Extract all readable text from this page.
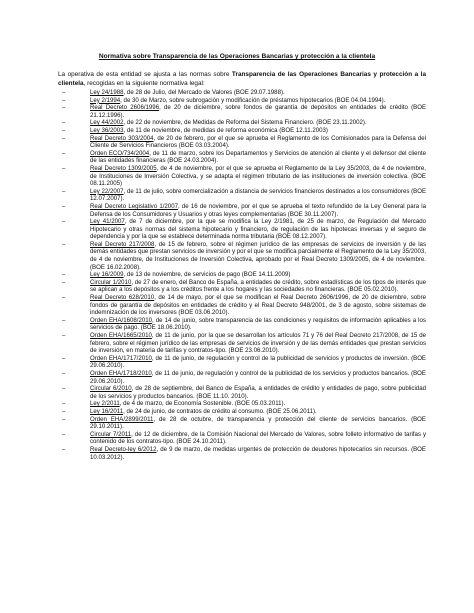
Normativa sobre Transparencia de las Operaciones Bancarias y protección a la clientela
La operativa de esta entidad se ajusta a las normas sobre Transparencia de las Operaciones Bancarias y protección a la clientela, recogidas en la siguiente normativa legal:
–	Ley 24/1988, de 28 de Julio, del Mercado de Valores (BOE 29.07.1988).
–	Ley 2/1994, de 30 de Marzo, sobre subrogación y modificación de préstamos hipotecarios (BOE 04.04.1994).
–	Real Decreto 2606/1996, de 20 de diciembre, sobre fondos de garantía de depósitos en entidades de crédito (BOE 21.12.1996).
–	Ley 44/2002, de 22 de noviembre, de Medidas de Reforma del Sistema Financiero. (BOE 23.11.2002).
–	Ley 36/2003, de 11 de noviembre, de medidas de reforma económica (BOE 12.11.2003)
–	Real Decreto 303/2004, de 20 de febrero, por el que se aprueba el Reglamento de los Comisionados para la Defensa del Cliente de Servicios Financieros (BOE 03.03.2004).
–	Orden ECO/734/2004, de 11 de marzo, sobre los Departamentos y Servicios de atención al cliente y el defensor del cliente de las entidades financieras (BOE 24.03.2004).
–	Real Decreto 1309/2005, de 4 de noviembre, por el que se aprueba el Reglamento de la Ley 35/2003, de 4 de noviembre, de Instituciones de Inversión Colectiva, y se adapta el régimen tributario de las instituciones de inversión colectiva. (BOE 08.11.2005)
–	Ley 22/2007, de 11 de julio, sobre comercialización a distancia de servicios financieros destinados a los consumidores (BOE 12.07.2007).
–	Real Decreto Legislativo 1/2007, de 16 de noviembre, por el que se aprueba el texto refundido de la Ley General para la Defensa de los Consumidores y Usuarios y otras leyes complementarias (BOE 30.11.2007).
–	Ley 41/2007, de 7 de diciembre, por la que se modifica la Ley 2/1981, de 25 de marzo, de Regulación del Mercado Hipotecario y otras normas del sistema hipotecario y financiero, de regulación de las hipotecas inversas y el seguro de dependencia y por la que se establece determinada norma tributaria (BOE 08.12.2007).
–	Real Decreto 217/2008, de 15 de febrero, sobre el régimen jurídico de las empresas de servicios de inversión y de las demás entidades que prestan servicios de inversión y por el que se modifica parcialmente el Reglamento de la Ley 35/2003, de 4 de noviembre, de Instituciones de Inversión Colectiva, aprobado por el Real Decreto 1309/2005, de 4 de noviembre. (BOE 16.02.2008).
–	Ley 16/2009, de 13 de noviembre, de servicios de pago (BOE 14.11.2009)
–	Circular 1/2010, de 27 de enero, del Banco de España, a entidades de crédito, sobre estadísticas de los tipos de interés que se aplican a los depósitos y a los créditos frente a los hogares y las sociedades no financieras. (BOE 05.02.2010).
–	Real Decreto 628/2010, de 14 de mayo, por el que se modifican el Real Decreto 2606/1996, de 20 de diciembre, sobre fondos de garantía de depósitos en entidades de crédito y el Real Decreto 948/2001, de 3 de agosto, sobre sistemas de indemnización de los inversores (BOE 03.06.2010).
–	Orden EHA/1608/2010, de 14 de junio, sobre transparencia de las condiciones y requisitos de información aplicables a los servicios de pago. (BOE 18.06.2010).
–	Orden EHA/1665/2010, de 11 de junio, por la que se desarrollan los artículos 71 y 76 del Real Decreto 217/2008, de 15 de febrero, sobre el régimen jurídico de las empresas de servicios de inversión y de las demás entidades que prestan servicios de inversión, en materia de tarifas y contratos-tipo. (BOE 23.06.2010).
–	Orden EHA/1717/2010, de 11 de junio, de regulación y control de la publicidad de servicios y productos de inversión. (BOE 29.06.2010).
–	Orden EHA/1718/2010, de 11 de junio, de regulación y control de la publicidad de los servicios y productos bancarios. (BOE 29.06.2010).
–	Circular 6/2010, de 28 de septiembre, del Banco de España, a entidades de crédito y entidades de pago, sobre publicidad de los servicios y productos bancarios. (BOE 11.10. 2010).
–	Ley 2/2011, de 4 de marzo, de Economía Sostenible. (BOE 05.03.2011).
–	Ley 16/2011, de 24 de junio, de contratos de crédito al consumo. (BOE 25.06.2011).
–	Orden EHA/2899/2011, de 28 de octubre, de transparencia y protección del cliente de servicios bancarios. (BOE 29.10.2011).
–	Circular 7/2011, de 12 de diciembre, de la Comisión Nacional del Mercado de Valores, sobre folleto informativo de tarifas y contenido de los contratos-tipo. (BOE 24.10.2011).
–	Real Decreto-ley 6/2012, de 9 de marzo, de medidas urgentes de protección de deudores hipotecarios sin recursos. (BOE 10.03.2012).
